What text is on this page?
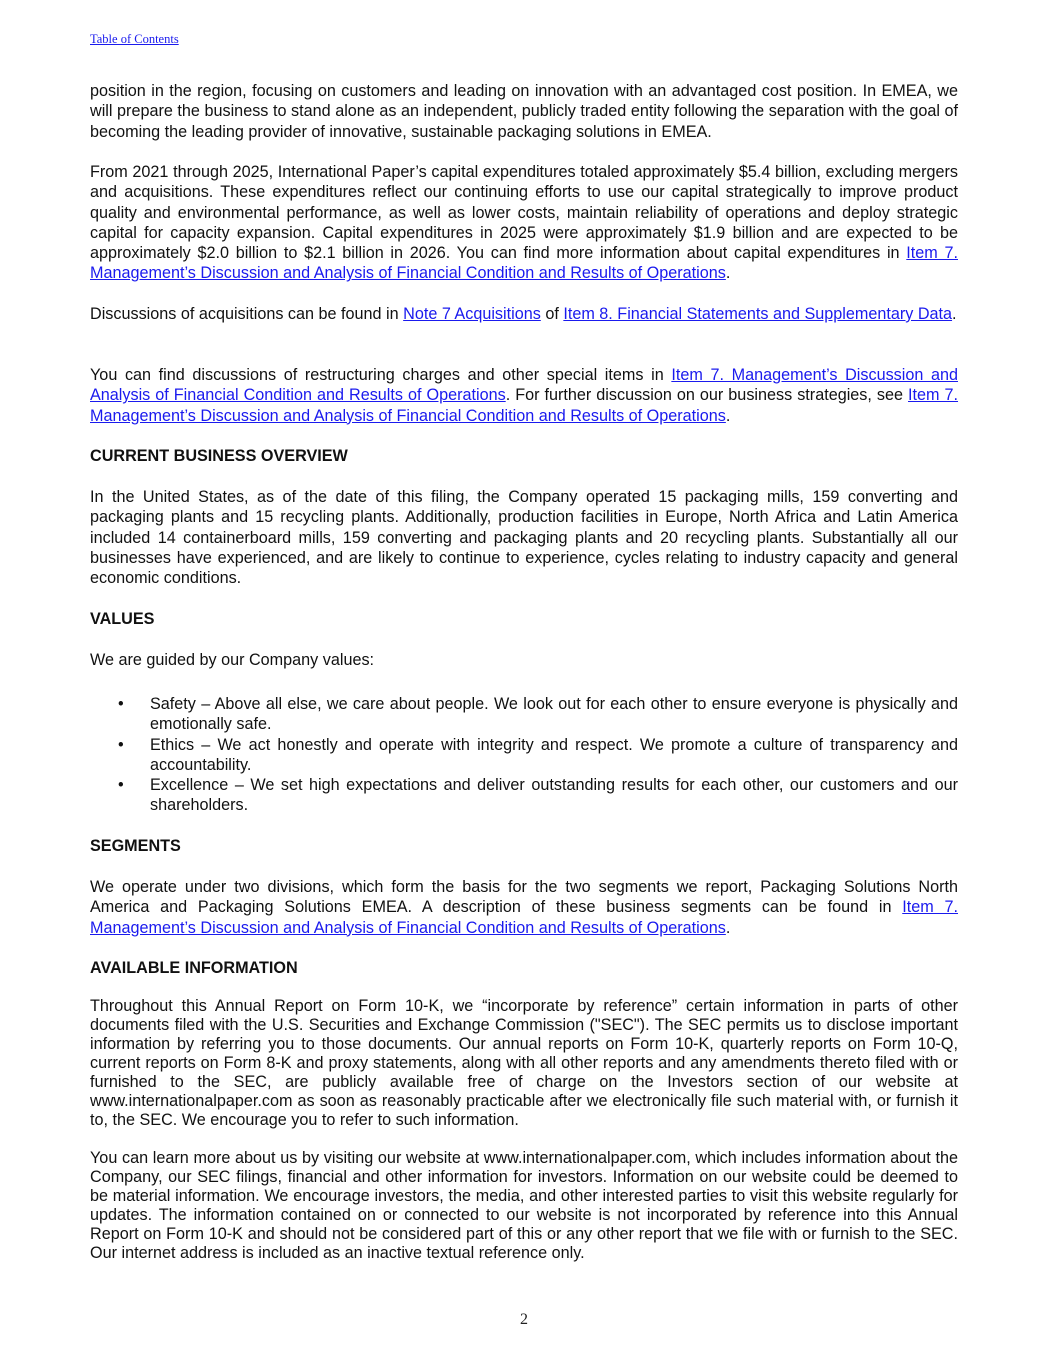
Table of Contents

position in the region, focusing on customers and leading on innovation with an advantaged cost position. In EMEA, we will prepare the business to stand alone as an independent, publicly traded entity following the separation with the goal of becoming the leading provider of innovative, sustainable packaging solutions in EMEA.

From 2021 through 2025, International Paper’s capital expenditures totaled approximately $5.4 billion, excluding mergers and acquisitions. These expenditures reflect our continuing efforts to use our capital strategically to improve product quality and environmental performance, as well as lower costs, maintain reliability of operations and deploy strategic capital for capacity expansion. Capital expenditures in 2025 were approximately $1.9 billion and are expected to be approximately $2.0 billion to $2.1 billion in 2026. You can find more information about capital expenditures in Item 7. Management’s Discussion and Analysis of Financial Condition and Results of Operations.

Discussions of acquisitions can be found in Note 7 Acquisitions of Item 8. Financial Statements and Supplementary Data.

You can find discussions of restructuring charges and other special items in Item 7. Management’s Discussion and Analysis of Financial Condition and Results of Operations. For further discussion on our business strategies, see Item 7. Management’s Discussion and Analysis of Financial Condition and Results of Operations.

CURRENT BUSINESS OVERVIEW

In the United States, as of the date of this filing, the Company operated 15 packaging mills, 159 converting and packaging plants and 15 recycling plants. Additionally, production facilities in Europe, North Africa and Latin America included 14 containerboard mills, 159 converting and packaging plants and 20 recycling plants. Substantially all our businesses have experienced, and are likely to continue to experience, cycles relating to industry capacity and general economic conditions.

VALUES

We are guided by our Company values:

• Safety – Above all else, we care about people. We look out for each other to ensure everyone is physically and emotionally safe.
• Ethics – We act honestly and operate with integrity and respect. We promote a culture of transparency and accountability.
• Excellence – We set high expectations and deliver outstanding results for each other, our customers and our shareholders.
SEGMENTS

We operate under two divisions, which form the basis for the two segments we report, Packaging Solutions North America and Packaging Solutions EMEA. A description of these business segments can be found in Item 7. Management’s Discussion and Analysis of Financial Condition and Results of Operations.

AVAILABLE INFORMATION

Throughout this Annual Report on Form 10-K, we “incorporate by reference” certain information in parts of other documents filed with the U.S. Securities and Exchange Commission ("SEC"). The SEC permits us to disclose important information by referring you to those documents. Our annual reports on Form 10-K, quarterly reports on Form 10-Q, current reports on Form 8-K and proxy statements, along with all other reports and any amendments thereto filed with or furnished to the SEC, are publicly available free of charge on the Investors section of our website at www.internationalpaper.com as soon as reasonably practicable after we electronically file such material with, or furnish it to, the SEC. We encourage you to refer to such information.

You can learn more about us by visiting our website at www.internationalpaper.com, which includes information about the Company, our SEC filings, financial and other information for investors. Information on our website could be deemed to be material information. We encourage investors, the media, and other interested parties to visit this website regularly for updates. The information contained on or connected to our website is not incorporated by reference into this Annual Report on Form 10-K and should not be considered part of this or any other report that we file with or furnish to the SEC. Our internet address is included as an inactive textual reference only.

2
